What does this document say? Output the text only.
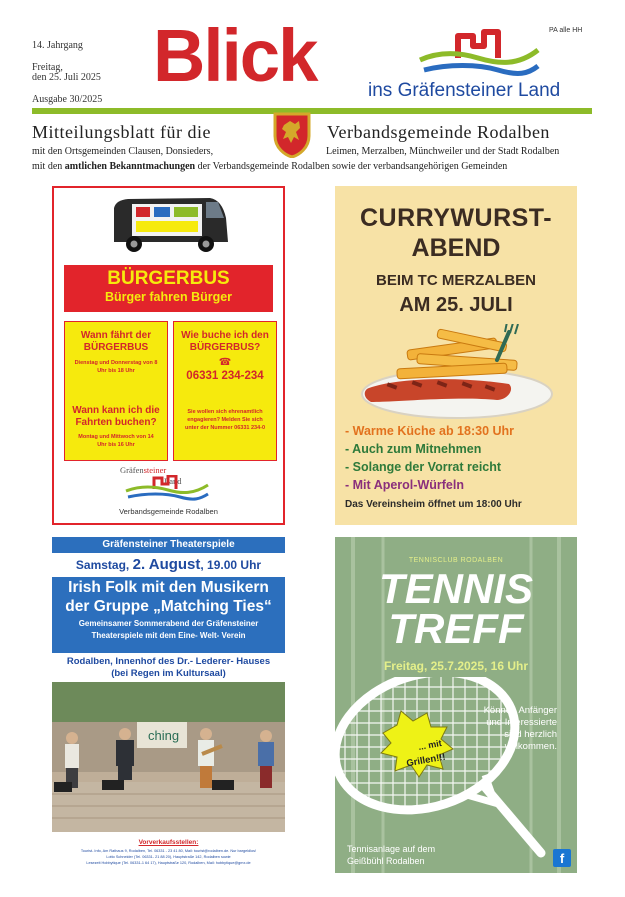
14. Jahrgang
Freitag,
den 25. Juli 2025
Ausgabe 30/2025
Blick	ins Gräfensteiner Land
PA alle HH
Mitteilungsblatt für die	Verbandsgemeinde Rodalben
mit den Ortsgemeinden Clausen, Donsieders,	Leimen, Merzalben, Münchweiler und der Stadt Rodalben
mit den amtlichen Bekanntmachungen der Verbandsgemeinde Rodalben sowie der verbandsangehörigen Gemeinden
BÜRGERBUS
Bürger fahren Bürger
Wann fährt der BÜRGERBUS
Dienstag und Donnerstag von 8 Uhr bis 18 Uhr
Wann kann ich die Fahrten buchen?
Montag und Mittwoch von 14 Uhr bis 16 Uhr
Wie buche ich den BÜRGERBUS?
☎
06331 234-234
Sie wollen sich ehrenamtlich engagieren? Melden Sie sich unter der Nummer 06331 234-0
Gräfensteiner
Land
Verbandsgemeinde Rodalben
CURRYWURST-
ABEND
BEIM TC MERZALBEN
AM 25. JULI
- Warme Küche ab 18:30 Uhr
- Auch zum Mitnehmen
- Solange der Vorrat reicht
- Mit Aperol-Würfeln
Das Vereinsheim öffnet um 18:00 Uhr
Gräfensteiner Theaterspiele
Samstag, 2. August, 19.00 Uhr
Irish Folk mit den Musikern
der Gruppe „Matching Ties“
Gemeinsamer Sommerabend der Gräfensteiner
Theaterspiele mit dem Eine- Welt- Verein
Rodalben, Innenhof des Dr.- Lederer- Hauses
(bei Regen im Kultursaal)
ching
Vorverkaufsstellen:
Tourist- Info, Am Rathaus 9, Rodalben, Tel. 06331 - 23 41 80, Mail: tourist@rodalben.de. Nur bargeldlos!
Lotto Schneider (Tel. 06331- 21 88 20), Hauptstraße 142, Rodalben sowie
Lesezeit Hobbytique (Tel. 06331-1 64 17), Hauptstraße 120, Rodalben, Mail: hobbytique@gmx.de
TENNISCLUB RODALBEN
TENNIS
TREFF
Freitag, 25.7.2025, 16 Uhr
... mit
Grillen!!!
Könner, Anfänger
und Interessierte
sind herzlich
willkommen.
Tennisanlage auf dem
Geißbühl Rodalben	f
